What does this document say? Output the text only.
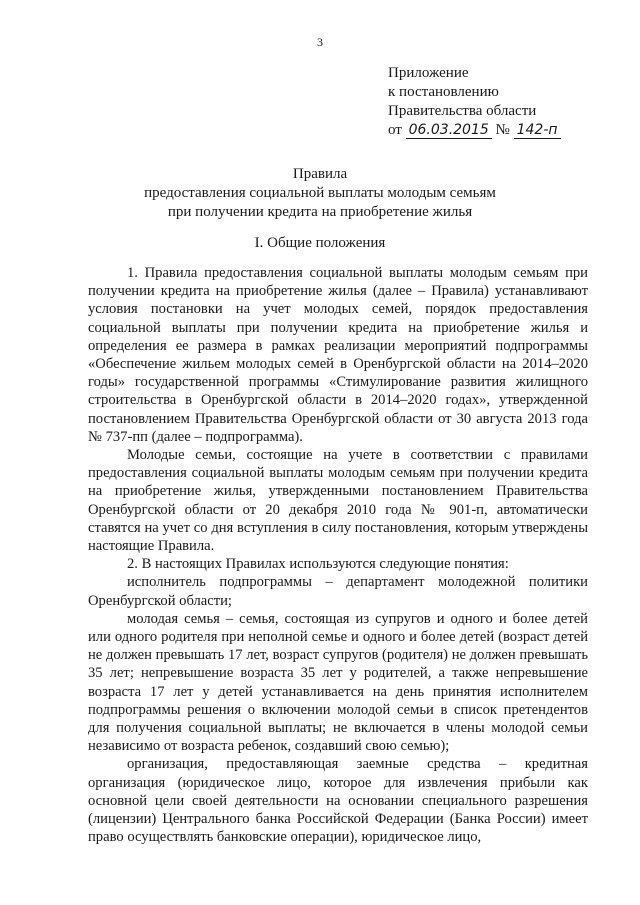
3
Приложение
к постановлению
Правительства области
от 06.03.2015 № 142-п
Правила
предоставления социальной выплаты молодым семьям
при получении кредита на приобретение жилья
I. Общие положения

1. Правила предоставления социальной выплаты молодым семьям при получении кредита на приобретение жилья (далее – Правила) устанавливают условия постановки на учет молодых семей, порядок предоставления социальной выплаты при получении кредита на приобретение жилья и определения ее размера в рамках реализации мероприятий подпрограммы «Обеспечение жильем молодых семей в Оренбургской области на 2014–2020 годы» государственной программы «Стимулирование развития жилищного строительства в Оренбургской области в 2014–2020 годах», утвержденной постановлением Правительства Оренбургской области от 30 августа 2013 года № 737-пп (далее – подпрограмма).

Молодые семьи, состоящие на учете в соответствии с правилами предоставления социальной выплаты молодым семьям при получении кредита на приобретение жилья, утвержденными постановлением Правительства Оренбургской области от 20 декабря 2010 года № 901-п, автоматически ставятся на учет со дня вступления в силу постановления, которым утверждены настоящие Правила.

2. В настоящих Правилах используются следующие понятия:

исполнитель подпрограммы – департамент молодежной политики Оренбургской области;

молодая семья – семья, состоящая из супругов и одного и более детей или одного родителя при неполной семье и одного и более детей (возраст детей не должен превышать 17 лет, возраст супругов (родителя) не должен превышать 35 лет; непревышение возраста 35 лет у родителей, а также непревышение возраста 17 лет у детей устанавливается на день принятия исполнителем подпрограммы решения о включении молодой семьи в список претендентов для получения социальной выплаты; не включается в члены молодой семьи независимо от возраста ребенок, создавший свою семью);

организация, предоставляющая заемные средства – кредитная организация (юридическое лицо, которое для извлечения прибыли как основной цели своей деятельности на основании специального разрешения (лицензии) Центрального банка Российской Федерации (Банка России) имеет право осуществлять банковские операции), юридическое лицо,
